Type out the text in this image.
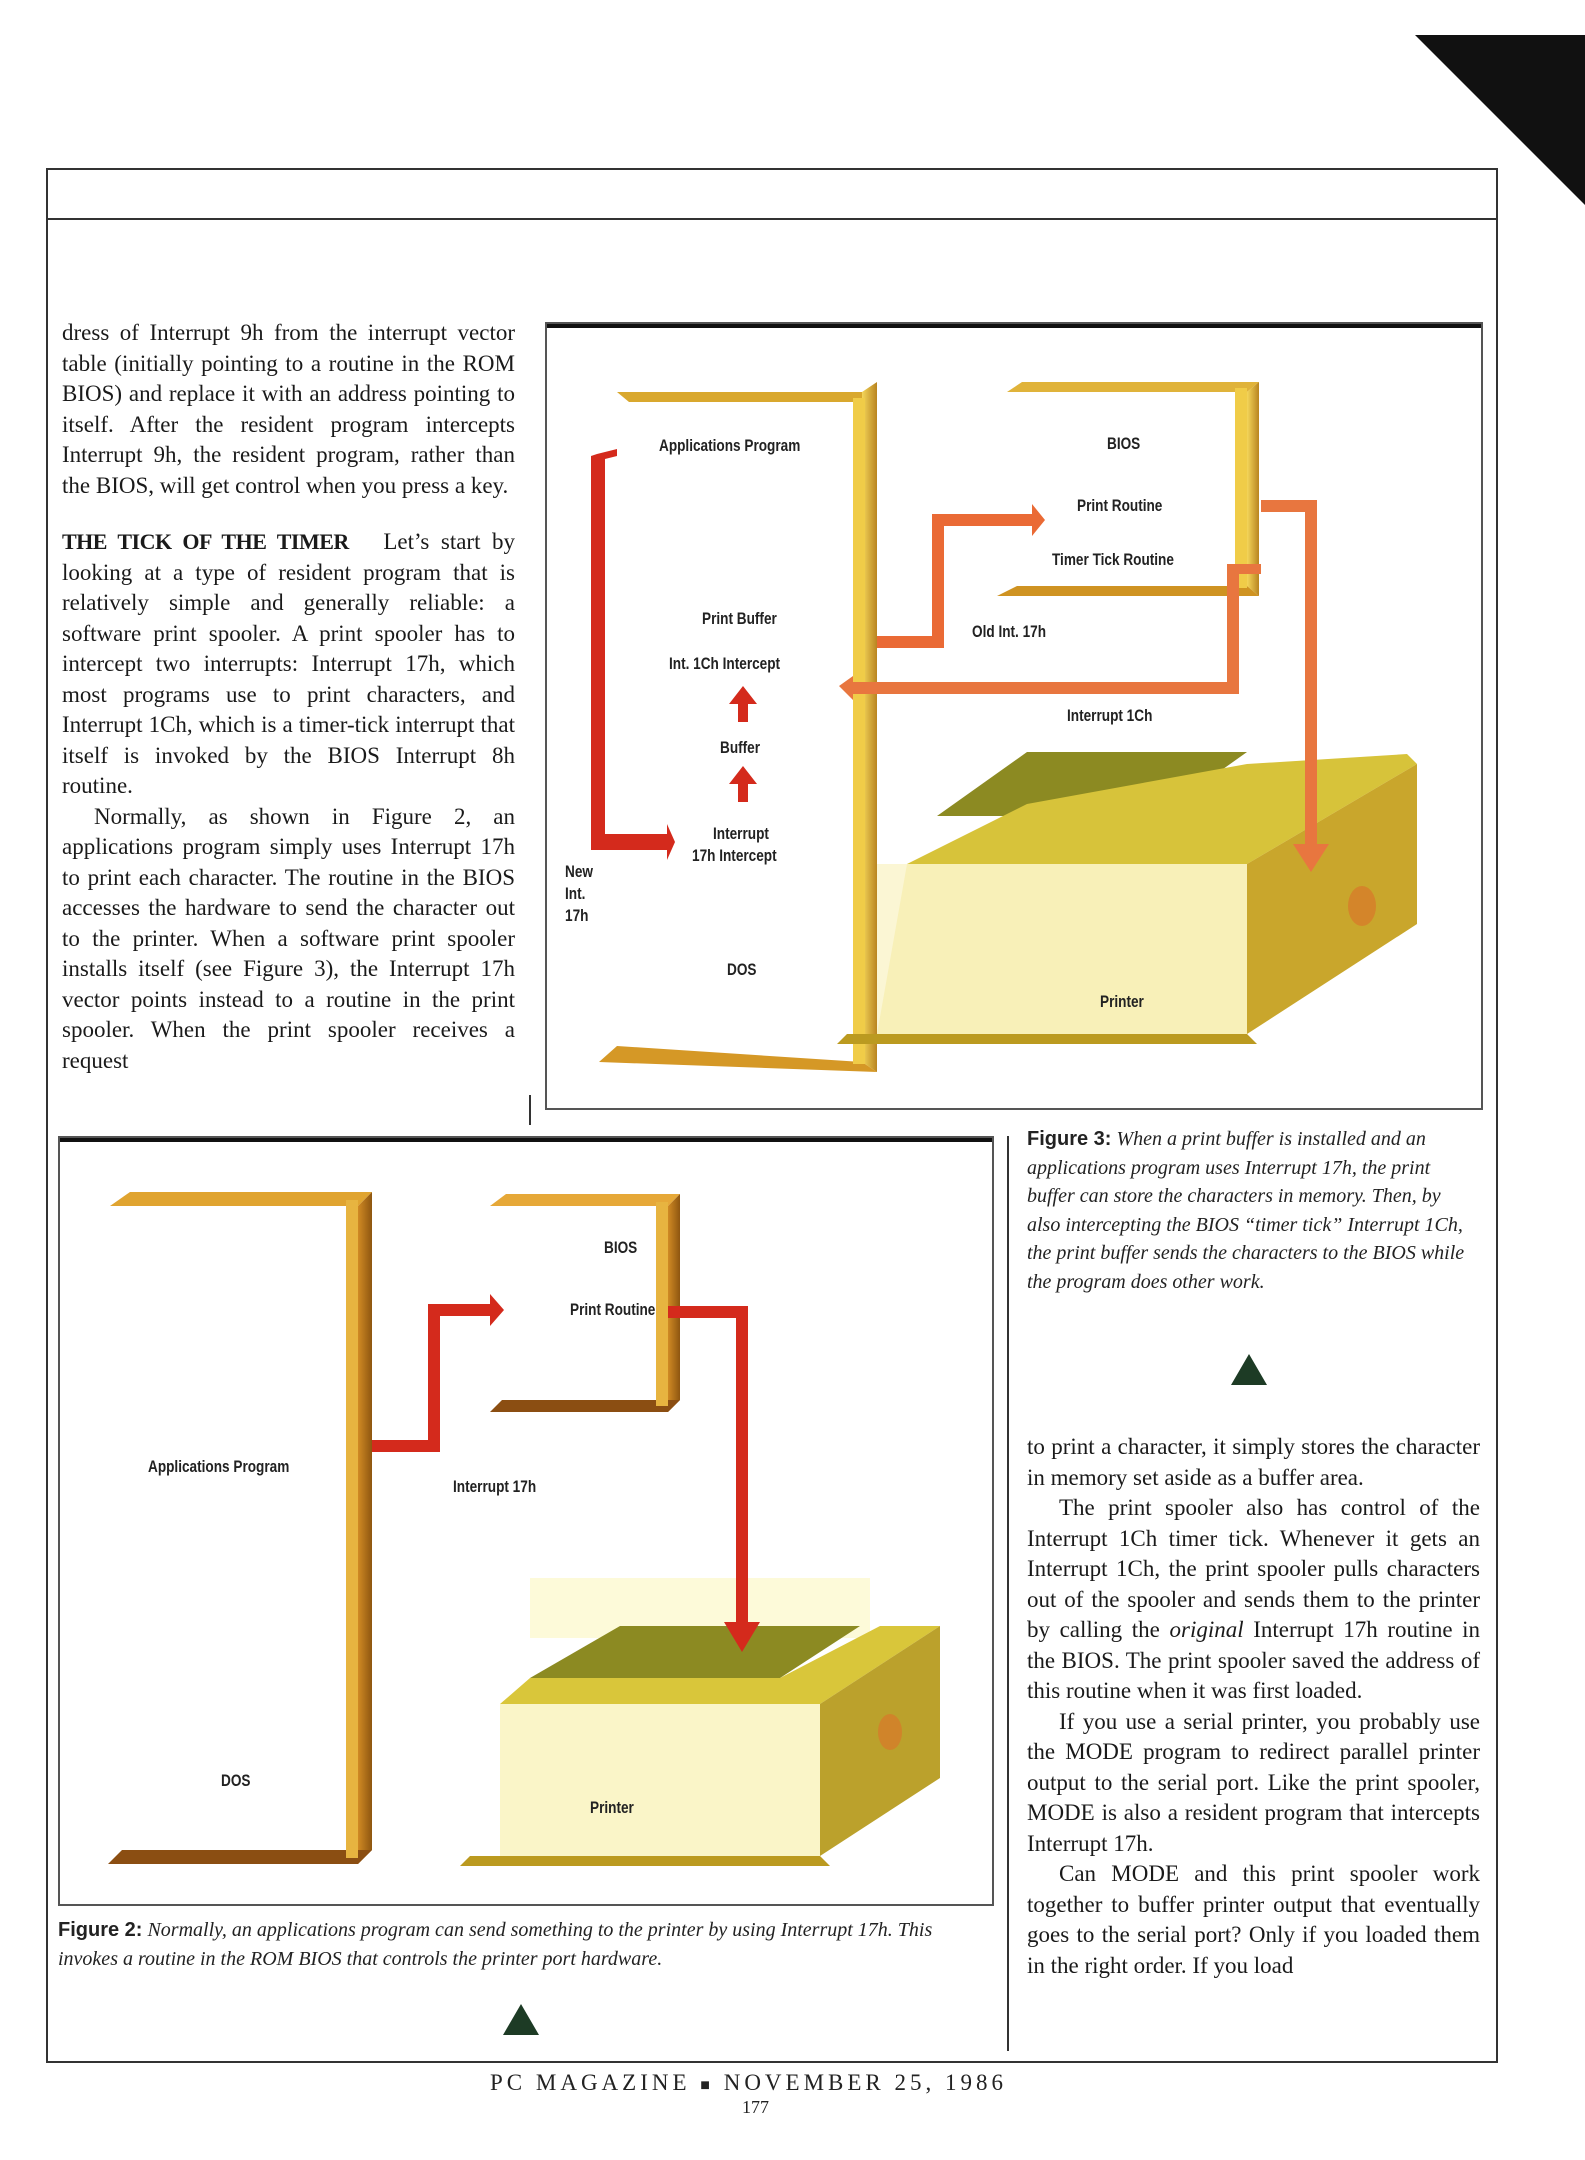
dress of Interrupt 9h from the interrupt vector table (initially pointing to a routine in the ROM BIOS) and replace it with an address pointing to itself. After the resident program intercepts Interrupt 9h, the resident program, rather than the BIOS, will get control when you press a key.

THE TICK OF THE TIMER Let’s start by looking at a type of resident program that is relatively simple and generally reliable: a software print spooler. A print spooler has to intercept two interrupts: Interrupt 17h, which most programs use to print characters, and Interrupt 1Ch, which is a timer-tick interrupt that itself is invoked by the BIOS Interrupt 8h routine.

Normally, as shown in Figure 2, an applications program simply uses Interrupt 17h to print each character. The routine in the BIOS accesses the hardware to send the character out to the printer. When a software print spooler installs itself (see Figure 3), the Interrupt 17h vector points instead to a routine in the print spooler. When the print spooler receives a request

Applications Program
Print Buffer
Int. 1Ch Intercept
Buffer
Interrupt
17h Intercept
DOS
New
Int.
17h
BIOS
Print Routine
Timer Tick Routine
Old Int. 17h
Interrupt 1Ch
Printer
Applications Program
DOS
BIOS
Print Routine
Interrupt 17h
Printer
Figure 2: Normally, an applications program can send something to the printer by using Interrupt 17h. This invokes a routine in the ROM BIOS that controls the printer port hardware.
Figure 3: When a print buffer is installed and an applications program uses Interrupt 17h, the print buffer can store the characters in memory. Then, by also intercepting the BIOS “timer tick” Interrupt 1Ch, the print buffer sends the characters to the BIOS while the program does other work.

to print a character, it simply stores the character in memory set aside as a buffer area.

The print spooler also has control of the Interrupt 1Ch timer tick. Whenever it gets an Interrupt 1Ch, the print spooler pulls characters out of the spooler and sends them to the printer by calling the original Interrupt 17h routine in the BIOS. The print spooler saved the address of this routine when it was first loaded.

If you use a serial printer, you probably use the MODE program to redirect parallel printer output to the serial port. Like the print spooler, MODE is also a resident program that intercepts Interrupt 17h.

Can MODE and this print spooler work together to buffer printer output that eventually goes to the serial port? Only if you loaded them in the right order. If you load

PC MAGAZINE ■ NOVEMBER 25, 1986
177
